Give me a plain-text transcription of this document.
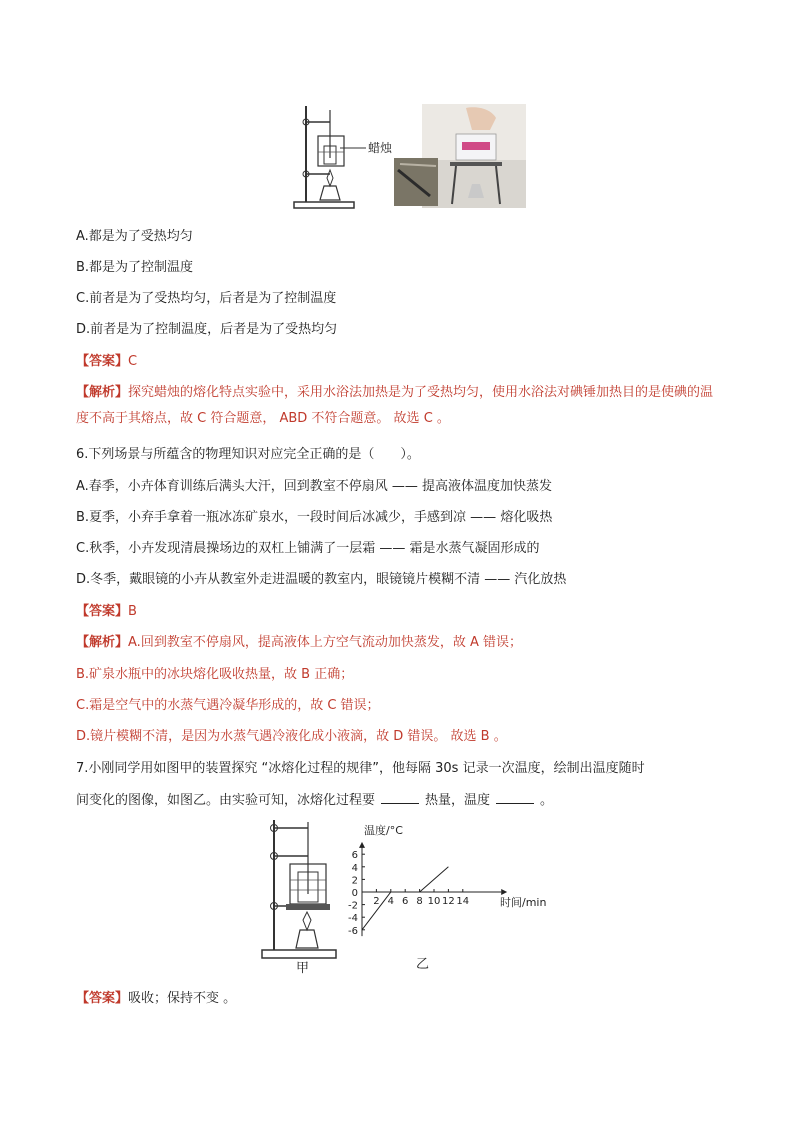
蜡烛
A.都是为了受热均匀
B.都是为了控制温度
C.前者是为了受热均匀，后者是为了控制温度
D.前者是为了控制温度，后者是为了受热均匀
【答案】C
【解析】探究蜡烛的熔化特点实验中，采用水浴法加热是为了受热均匀，使用水浴法对碘锤加热目的是使碘的温度不高于其熔点，故 C 符合题意， ABD 不符合题意。 故选 C 。
6.下列场景与所蕴含的物理知识对应完全正确的是（　　）。
A.春季，小卉体育训练后满头大汗，回到教室不停扇风 —— 提高液体温度加快蒸发
B.夏季，小弃手拿着一瓶冰冻矿泉水，一段时间后冰减少，手感到凉 —— 熔化吸热
C.秋季，小卉发现清晨操场边的双杠上铺满了一层霜 —— 霜是水蒸气凝固形成的
D.冬季，戴眼镜的小卉从教室外走进温暖的教室内，眼镜镜片模糊不清 —— 汽化放热
【答案】B
【解析】A.回到教室不停扇风，提高液体上方空气流动加快蒸发，故 A 错误；
B.矿泉水瓶中的冰块熔化吸收热量，故 B 正确；
C.霜是空气中的水蒸气遇冷凝华形成的，故 C 错误；
D.镜片模糊不清，是因为水蒸气遇冷液化成小液滴，故 D 错误。 故选 B 。
7.小刚同学用如图甲的装置探究 “冰熔化过程的规律”，他每隔 30s 记录一次温度，绘制出温度随时
间变化的图像，如图乙。由实验可知，冰熔化过程要	热量，温度	。
甲
温度/°C
时间/min
6
4
2
0
-2
-4
-6
2 4 6 8 10 12 14
乙
【答案】吸收；保持不变 。
